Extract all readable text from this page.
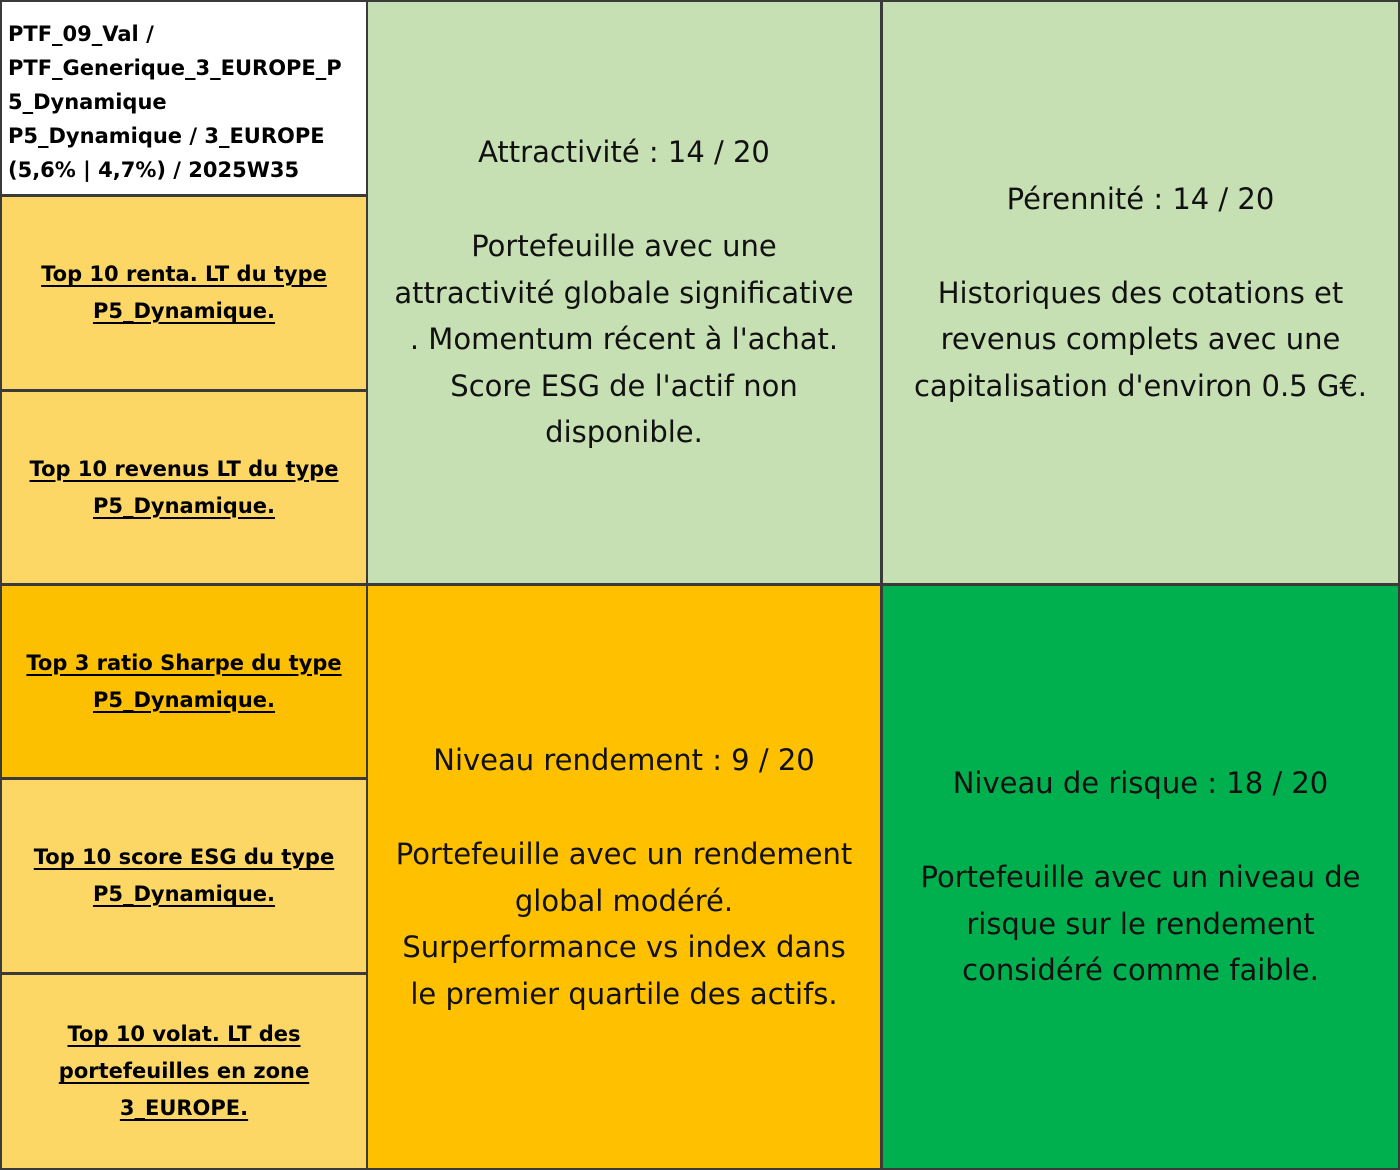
PTF_09_Val /
PTF_Generique_3_EUROPE_P
5_Dynamique
P5_Dynamique / 3_EUROPE
(5,6% | 4,7%) / 2025W35
Top 10 renta. LT du type
P5_Dynamique.
Top 10 revenus LT du type
P5_Dynamique.
Top 3 ratio Sharpe du type
P5_Dynamique.
Top 10 score ESG du type
P5_Dynamique.
Top 10 volat. LT des
portefeuilles en zone
3_EUROPE.
Attractivité : 14 / 20
Portefeuille avec une
attractivité globale significative
. Momentum récent à l'achat.
Score ESG de l'actif non
disponible.
Pérennité : 14 / 20
Historiques des cotations et
revenus complets avec une
capitalisation d'environ 0.5 G€.
Niveau rendement : 9 / 20
Portefeuille avec un rendement
global modéré.
Surperformance vs index dans
le premier quartile des actifs.
Niveau de risque : 18 / 20
Portefeuille avec un niveau de
risque sur le rendement
considéré comme faible.
